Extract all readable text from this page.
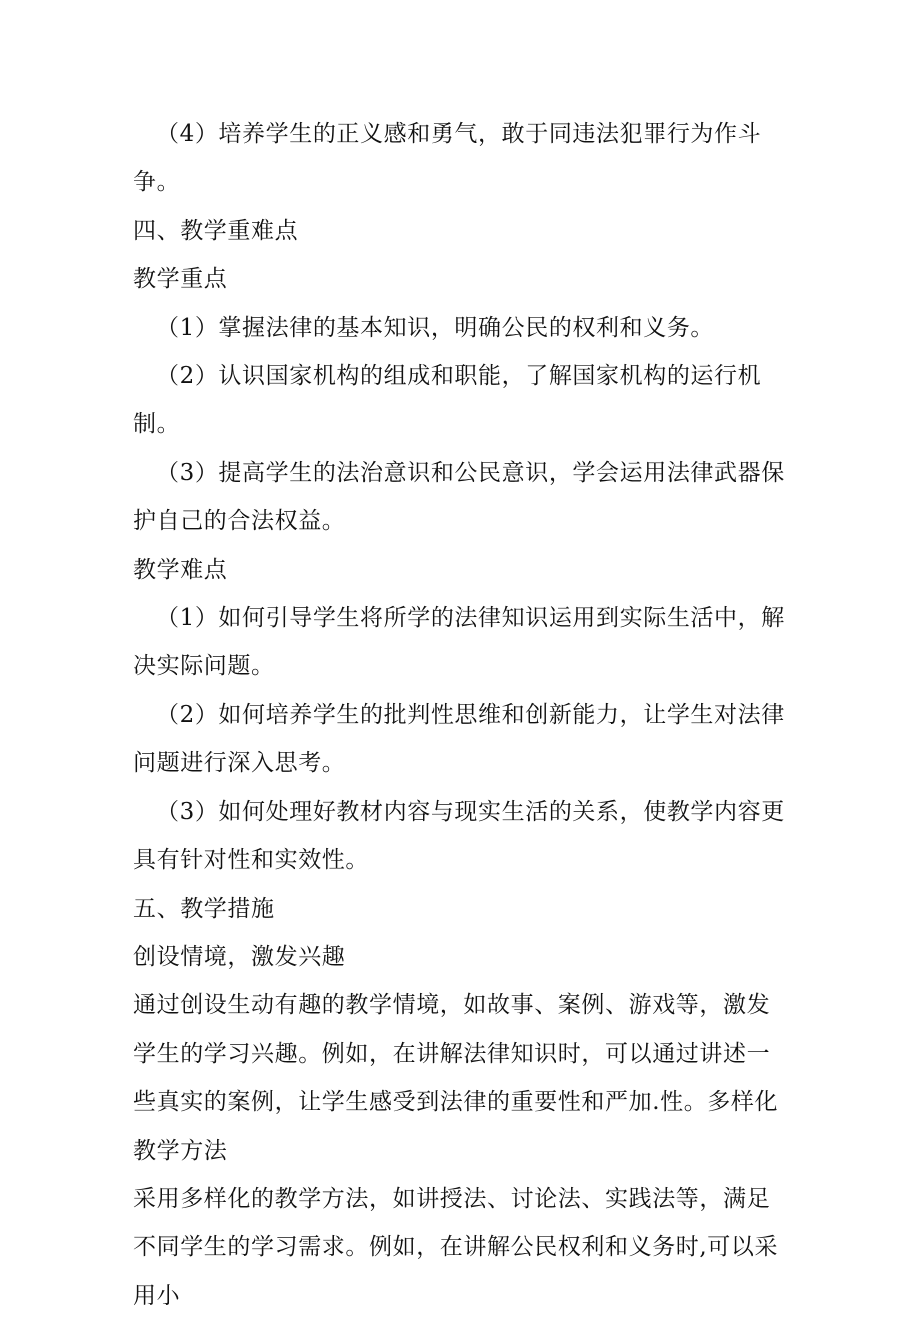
（4）培养学生的正义感和勇气，敢于同违法犯罪行为作斗争。

四、教学重难点

教学重点

（1）掌握法律的基本知识，明确公民的权利和义务。

（2）认识国家机构的组成和职能，了解国家机构的运行机制。

（3）提高学生的法治意识和公民意识，学会运用法律武器保护自己的合法权益。

教学难点

（1）如何引导学生将所学的法律知识运用到实际生活中，解决实际问题。

（2）如何培养学生的批判性思维和创新能力，让学生对法律问题进行深入思考。

（3）如何处理好教材内容与现实生活的关系，使教学内容更具有针对性和实效性。

五、教学措施

创设情境，激发兴趣

通过创设生动有趣的教学情境，如故事、案例、游戏等，激发学生的学习兴趣。例如，在讲解法律知识时，可以通过讲述一些真实的案例，让学生感受到法律的重要性和严加.性。多样化教学方法

采用多样化的教学方法，如讲授法、讨论法、实践法等，满足不同学生的学习需求。例如，在讲解公民权利和义务时,可以采用小
